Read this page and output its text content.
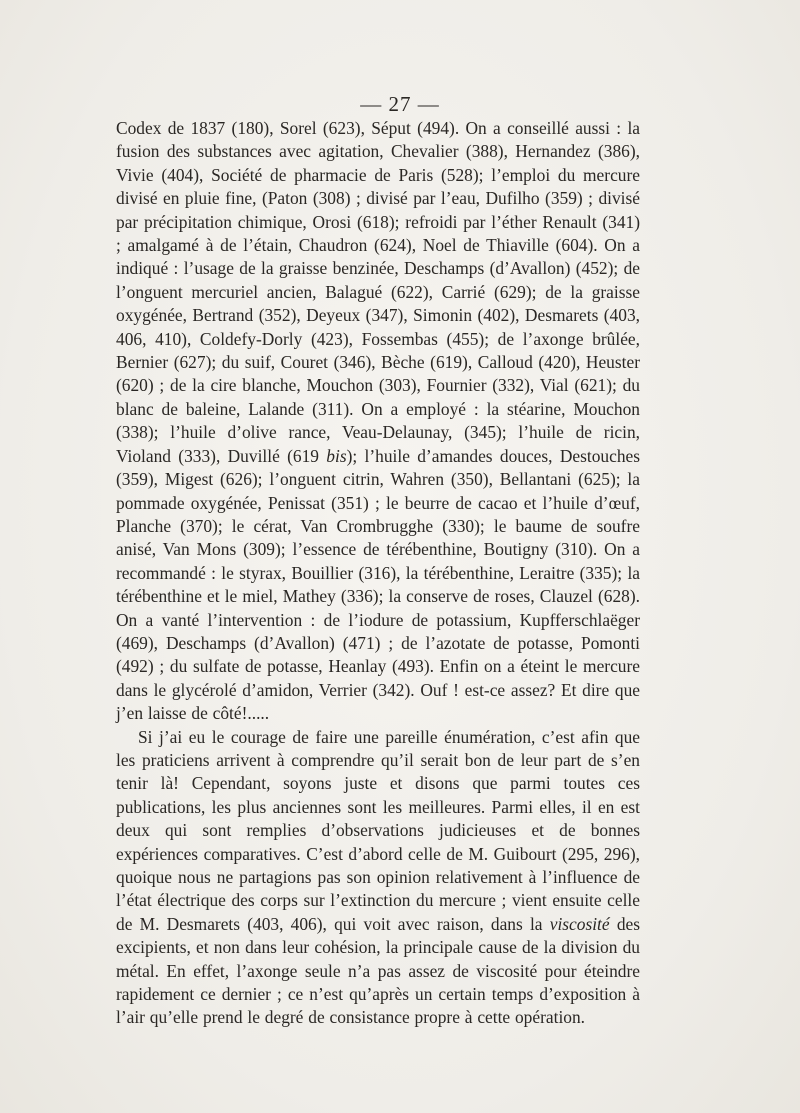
— 27 —

Codex de 1837 (180), Sorel (623), Séput (494). On a conseillé aussi : la fusion des substances avec agitation, Chevalier (388), Hernandez (386), Vivie (404), Société de pharmacie de Paris (528); l’emploi du mercure divisé en pluie fine, (Paton (308) ; divisé par l’eau, Dufilho (359) ; divisé par précipitation chimique, Orosi (618); refroidi par l’éther Renault (341) ; amalgamé à de l’étain, Chaudron (624), Noel de Thiaville (604). On a indiqué : l’usage de la graisse benzinée, Deschamps (d’Avallon) (452); de l’onguent mercuriel ancien, Balagué (622), Carrié (629); de la graisse oxygénée, Bertrand (352), Deyeux (347), Simonin (402), Desmarets (403, 406, 410), Coldefy-Dorly (423), Fossembas (455); de l’axonge brûlée, Bernier (627); du suif, Couret (346), Bèche (619), Calloud (420), Heuster (620) ; de la cire blanche, Mouchon (303), Fournier (332), Vial (621); du blanc de baleine, Lalande (311). On a employé : la stéarine, Mouchon (338); l’huile d’olive rance, Veau-Delaunay, (345); l’huile de ricin, Violand (333), Duvillé (619 bis); l’huile d’amandes douces, Destouches (359), Migest (626); l’onguent citrin, Wahren (350), Bellantani (625); la pommade oxygénée, Penissat (351) ; le beurre de cacao et l’huile d’œuf, Planche (370); le cérat, Van Crombrugghe (330); le baume de soufre anisé, Van Mons (309); l’essence de térébenthine, Boutigny (310). On a recommandé : le styrax, Bouillier (316), la térébenthine, Leraitre (335); la térébenthine et le miel, Mathey (336); la conserve de roses, Clauzel (628). On a vanté l’intervention : de l’iodure de potassium, Kupfferschlaëger (469), Deschamps (d’Avallon) (471) ; de l’azotate de potasse, Pomonti (492) ; du sulfate de potasse, Heanlay (493). Enfin on a éteint le mercure dans le glycérolé d’amidon, Verrier (342). Ouf ! est-ce assez? Et dire que j’en laisse de côté!.....

Si j’ai eu le courage de faire une pareille énumération, c’est afin que les praticiens arrivent à comprendre qu’il serait bon de leur part de s’en tenir là! Cependant, soyons juste et disons que parmi toutes ces publications, les plus anciennes sont les meilleures. Parmi elles, il en est deux qui sont remplies d’observations judicieuses et de bonnes expériences comparatives. C’est d’abord celle de M. Guibourt (295, 296), quoique nous ne partagions pas son opinion relativement à l’influence de l’état électrique des corps sur l’extinction du mercure ; vient ensuite celle de M. Desmarets (403, 406), qui voit avec raison, dans la viscosité des excipients, et non dans leur cohésion, la principale cause de la division du métal. En effet, l’axonge seule n’a pas assez de viscosité pour éteindre rapidement ce dernier ; ce n’est qu’après un certain temps d’exposition à l’air qu’elle prend le degré de consistance propre à cette opération.
